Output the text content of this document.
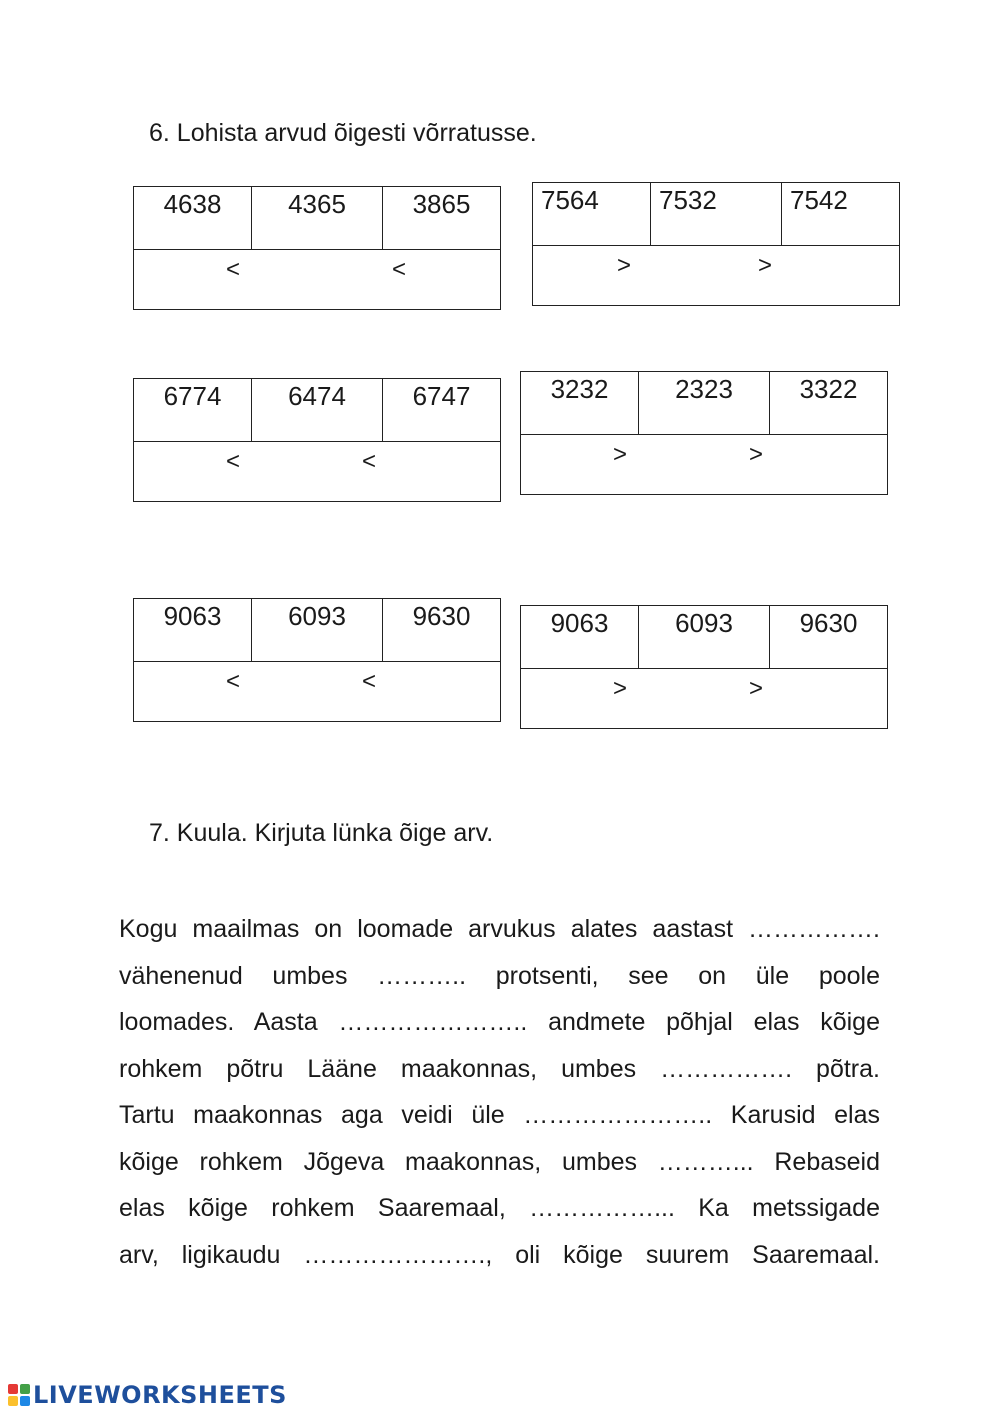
6. Lohista arvud õigesti võrratusse.
4638	4365	3865
<	<
7564	7532	7542
>	>
6774	6474	6747
<	<
3232	2323	3322
>	>
9063	6093	9630
<	<
9063	6093	9630
>	>
7. Kuula. Kirjuta lünka õige arv.
Kogu maailmas on loomade arvukus alates aastast …………….
vähenenud umbes ……….. protsenti, see on üle poole
loomades. Aasta ………………….. andmete põhjal elas kõige
rohkem põtru Lääne maakonnas, umbes ……………. põtra.
Tartu maakonnas aga veidi üle ………………….. Karusid elas
kõige rohkem Jõgeva maakonnas, umbes ………... Rebaseid
elas kõige rohkem Saaremaal, ……………... Ka metssigade
arv, ligikaudu …………………., oli kõige suurem Saaremaal.
LIVEWORKSHEETS
